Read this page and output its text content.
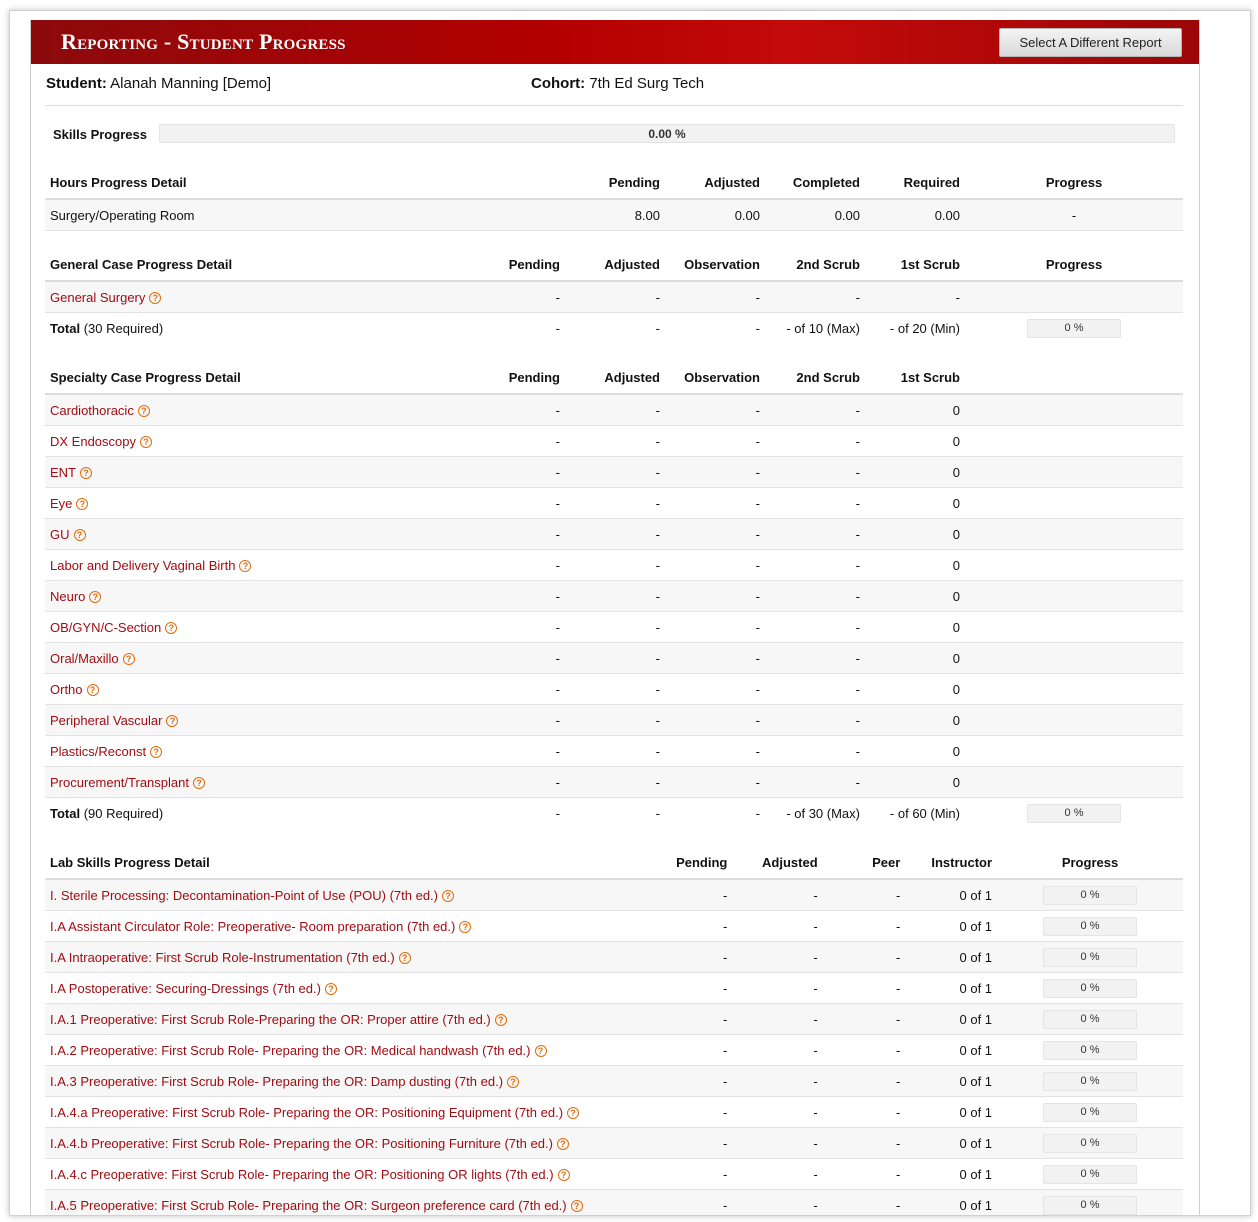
Reporting - Student Progress	Select A Different Report
Student: Alanah Manning [Demo]	Cohort: 7th Ed Surg Tech
Skills Progress	0.00 %
Hours Progress Detail	Pending	Adjusted	Completed	Required	Progress
Surgery/Operating Room	8.00	0.00	0.00	0.00	-
General Case Progress Detail	Pending	Adjusted	Observation	2nd Scrub	1st Scrub	Progress
General Surgery ?	-	-	-	-	-	
Total (30 Required)	-	-	-	- of 10 (Max)	- of 20 (Min)	0 %
Specialty Case Progress Detail	Pending	Adjusted	Observation	2nd Scrub	1st Scrub	
Cardiothoracic ?	-	-	-	-	0	
DX Endoscopy ?	-	-	-	-	0	
ENT ?	-	-	-	-	0	
Eye ?	-	-	-	-	0	
GU ?	-	-	-	-	0	
Labor and Delivery Vaginal Birth ?	-	-	-	-	0	
Neuro ?	-	-	-	-	0	
OB/GYN/C-Section ?	-	-	-	-	0	
Oral/Maxillo ?	-	-	-	-	0	
Ortho ?	-	-	-	-	0	
Peripheral Vascular ?	-	-	-	-	0	
Plastics/Reconst ?	-	-	-	-	0	
Procurement/Transplant ?	-	-	-	-	0	
Total (90 Required)	-	-	-	- of 30 (Max)	- of 60 (Min)	0 %
Lab Skills Progress Detail	Pending	Adjusted	Peer	Instructor	Progress
I. Sterile Processing: Decontamination-Point of Use (POU) (7th ed.) ?	-	-	-	0 of 1	0 %
I.A Assistant Circulator Role: Preoperative- Room preparation (7th ed.) ?	-	-	-	0 of 1	0 %
I.A Intraoperative: First Scrub Role-Instrumentation (7th ed.) ?	-	-	-	0 of 1	0 %
I.A Postoperative: Securing-Dressings (7th ed.) ?	-	-	-	0 of 1	0 %
I.A.1 Preoperative: First Scrub Role-Preparing the OR: Proper attire (7th ed.) ?	-	-	-	0 of 1	0 %
I.A.2 Preoperative: First Scrub Role- Preparing the OR: Medical handwash (7th ed.) ?	-	-	-	0 of 1	0 %
I.A.3 Preoperative: First Scrub Role- Preparing the OR: Damp dusting (7th ed.) ?	-	-	-	0 of 1	0 %
I.A.4.a Preoperative: First Scrub Role- Preparing the OR: Positioning Equipment (7th ed.) ?	-	-	-	0 of 1	0 %
I.A.4.b Preoperative: First Scrub Role- Preparing the OR: Positioning Furniture (7th ed.) ?	-	-	-	0 of 1	0 %
I.A.4.c Preoperative: First Scrub Role- Preparing the OR: Positioning OR lights (7th ed.) ?	-	-	-	0 of 1	0 %
I.A.5 Preoperative: First Scrub Role- Preparing the OR: Surgeon preference card (7th ed.) ?	-	-	-	0 of 1	0 %
